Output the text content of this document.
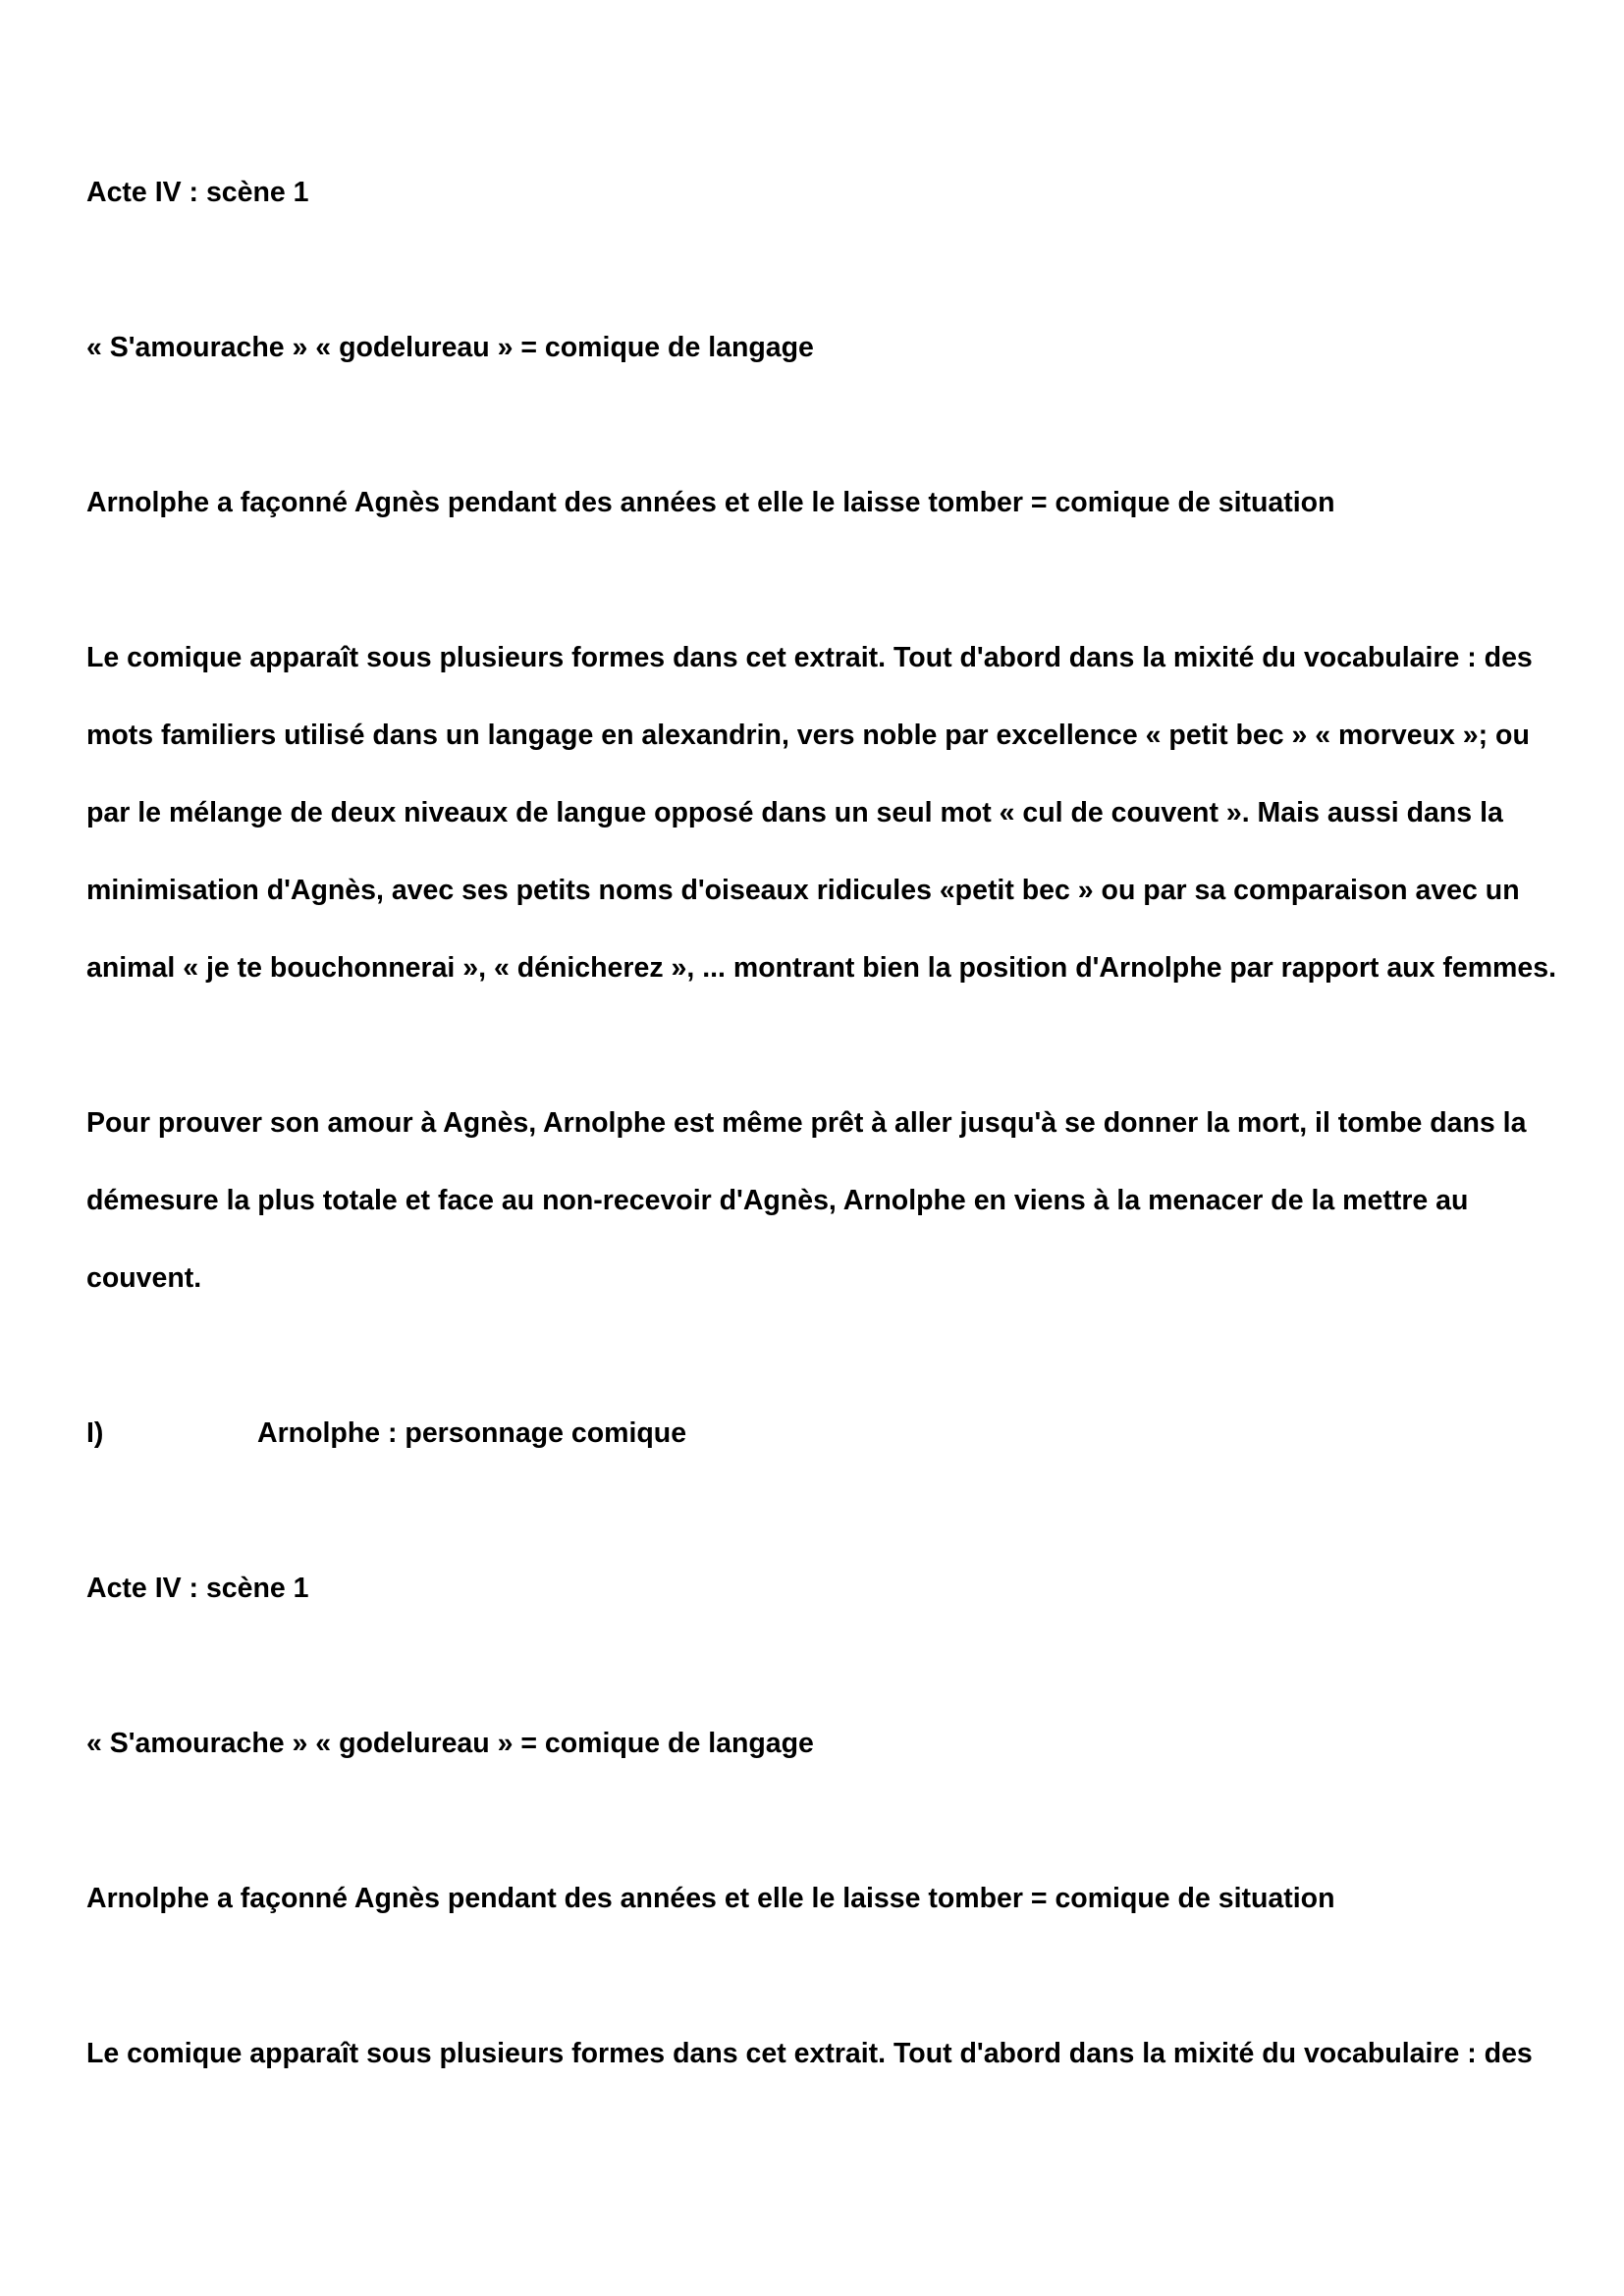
Acte IV : scène 1

« S'amourache » « godelureau » = comique de langage

Arnolphe a façonné Agnès pendant des années et elle le laisse tomber = comique de situation

Le comique apparaît sous plusieurs formes dans cet extrait. Tout d'abord dans la mixité du vocabulaire : des

mots familiers utilisé dans un langage en alexandrin, vers noble par excellence « petit bec » « morveux »; ou

par le mélange de deux niveaux de langue opposé dans un seul mot « cul de couvent ». Mais aussi dans la

minimisation d'Agnès, avec ses petits noms d'oiseaux ridicules «petit bec » ou par sa comparaison avec un

animal « je te bouchonnerai », « dénicherez », ... montrant bien la position d'Arnolphe par rapport aux femmes.

Pour prouver son amour à Agnès, Arnolphe est même prêt à aller jusqu'à se donner la mort, il tombe dans la

démesure la plus totale et face au non-recevoir d'Agnès, Arnolphe en viens à la menacer de la mettre au

couvent.

I)	Arnolphe : personnage comique

Acte IV : scène 1

« S'amourache » « godelureau » = comique de langage

Arnolphe a façonné Agnès pendant des années et elle le laisse tomber = comique de situation

Le comique apparaît sous plusieurs formes dans cet extrait. Tout d'abord dans la mixité du vocabulaire : des
